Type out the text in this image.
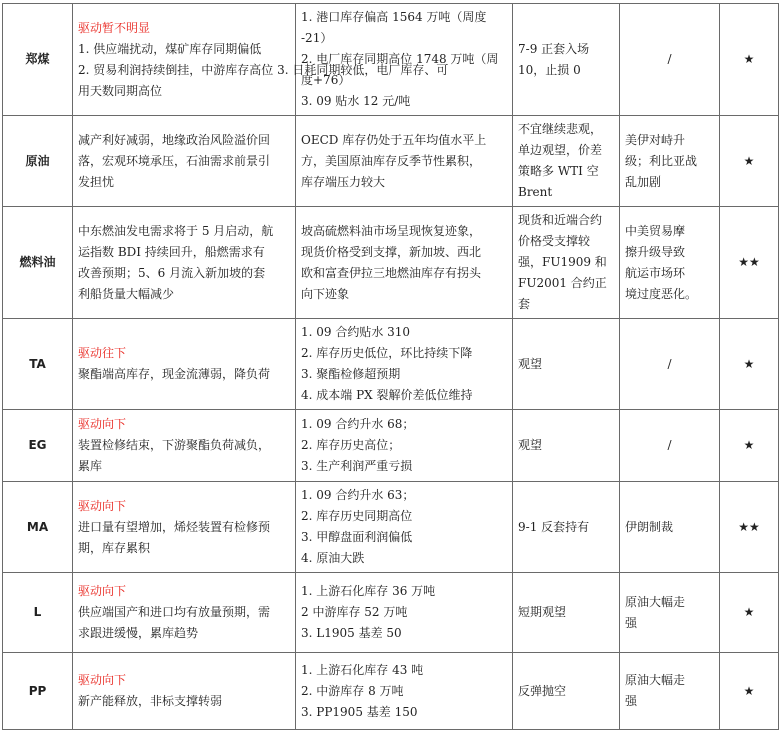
郑煤	驱动暂不明显
1. 供应端扰动，煤矿库存同期偏低
2. 贸易利润持续倒挂，中游库存高位 3. 日耗同期较低，电厂库存、可
用天数同期高位	1. 港口库存偏高 1564 万吨（周度
-21）
2. 电厂库存同期高位 1748 万吨（周
度+76）
3. 09 贴水 12 元/吨	7-9 正套入场
10，止损 0	/	★
原油	减产利好减弱，地缘政治风险溢价回
落，宏观环境承压，石油需求前景引
发担忧	OECD 库存仍处于五年均值水平上
方，美国原油库存反季节性累积，
库存端压力较大	不宜继续悲观，
单边观望，价差
策略多 WTI 空
Brent	美伊对峙升
级；利比亚战
乱加剧	★
燃料油	中东燃油发电需求将于 5 月启动，航
运指数 BDI 持续回升，船燃需求有
改善预期；5、6 月流入新加坡的套
利船货量大幅减少	坡高硫燃料油市场呈现恢复迹象，
现货价格受到支撑，新加坡、西北
欧和富查伊拉三地燃油库存有拐头
向下迹象	现货和近端合约
价格受支撑较
强，FU1909 和
FU2001 合约正
套	中美贸易摩
擦升级导致
航运市场环
境过度恶化。	★★
TA	驱动往下
聚酯端高库存，现金流薄弱，降负荷	1. 09 合约贴水 310
2. 库存历史低位，环比持续下降
3. 聚酯检修超预期
4. 成本端 PX 裂解价差低位维持	观望	/	★
EG	驱动向下
装置检修结束，下游聚酯负荷减负，
累库	1. 09 合约升水 68；
2. 库存历史高位；
3. 生产利润严重亏损	观望	/	★
MA	驱动向下
进口量有望增加，烯烃装置有检修预
期，库存累积	1. 09 合约升水 63；
2. 库存历史同期高位
3. 甲醇盘面利润偏低
4. 原油大跌	9-1 反套持有	伊朗制裁	★★
L	驱动向下
供应端国产和进口均有放量预期，需
求跟进缓慢，累库趋势	1. 上游石化库存 36 万吨
2 中游库存 52 万吨
3. L1905 基差 50	短期观望	原油大幅走
强	★
PP	驱动向下
新产能释放，非标支撑转弱	1. 上游石化库存 43 吨
2. 中游库存 8 万吨
3. PP1905 基差 150	反弹抛空	原油大幅走
强	★
